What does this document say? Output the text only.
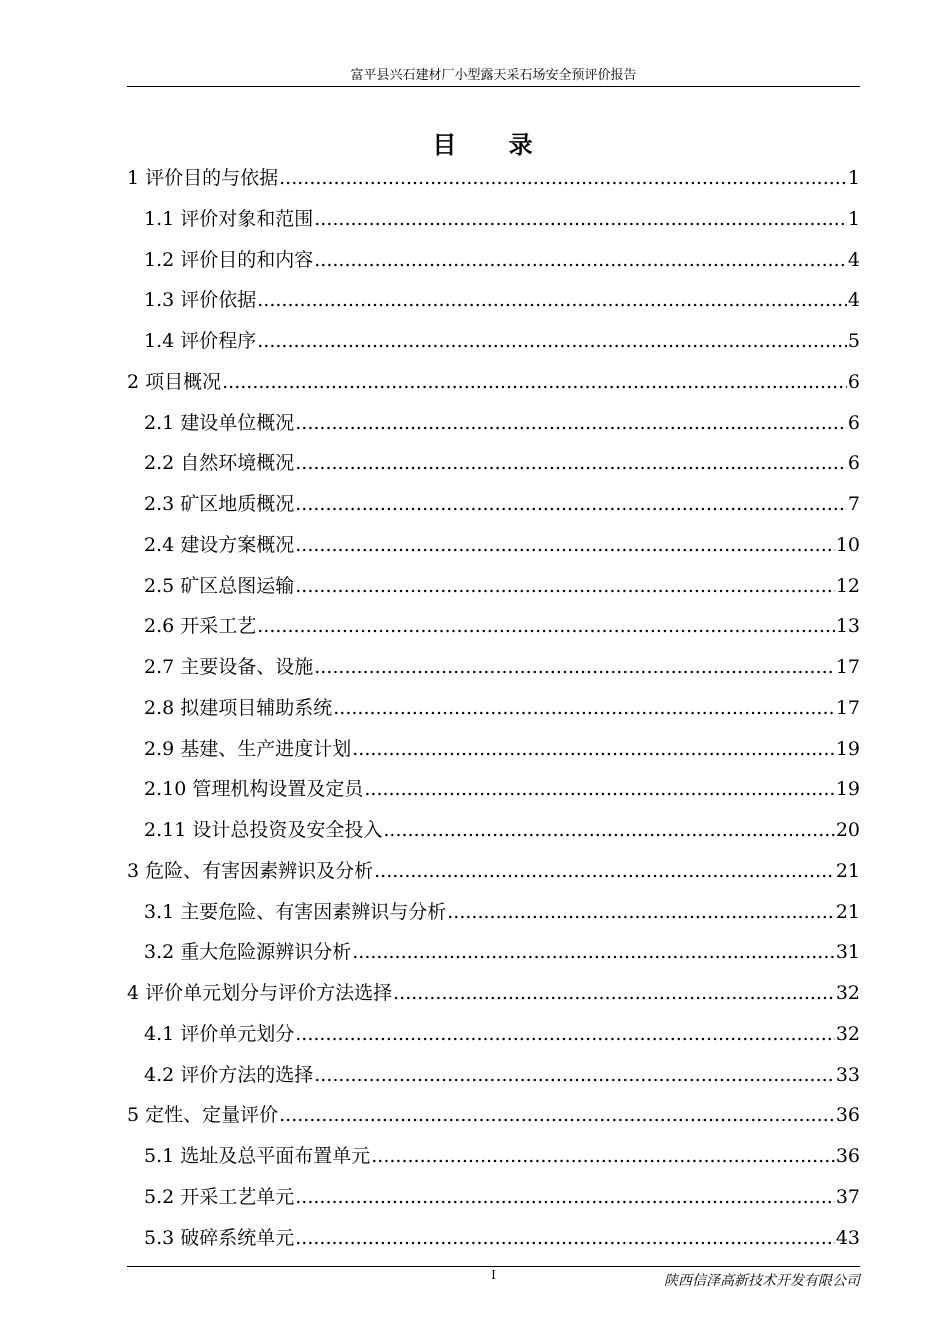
富平县兴石建材厂小型露天采石场安全预评价报告
目 录
1 评价目的与依据 .....	1
1.1 评价对象和范围 .....	1
1.2 评价目的和内容 .....	4
1.3 评价依据 .....	4
1.4 评价程序 .....	5
2 项目概况 .....	6
2.1 建设单位概况 .....	6
2.2 自然环境概况 .....	6
2.3 矿区地质概况 .....	7
2.4 建设方案概况 .....	10
2.5 矿区总图运输 .....	12
2.6 开采工艺 .....	13
2.7 主要设备、设施 .....	17
2.8 拟建项目辅助系统 .....	17
2.9 基建、生产进度计划 .....	19
2.10 管理机构设置及定员 .....	19
2.11 设计总投资及安全投入 .....	20
3 危险、有害因素辨识及分析 .....	21
3.1 主要危险、有害因素辨识与分析 .....	21
3.2 重大危险源辨识分析 .....	31
4 评价单元划分与评价方法选择 .....	32
4.1 评价单元划分 .....	32
4.2 评价方法的选择 .....	33
5 定性、定量评价 .....	36
5.1 选址及总平面布置单元 .....	36
5.2 开采工艺单元 .....	37
5.3 破碎系统单元 .....	43
I	陕西信泽高新技术开发有限公司
